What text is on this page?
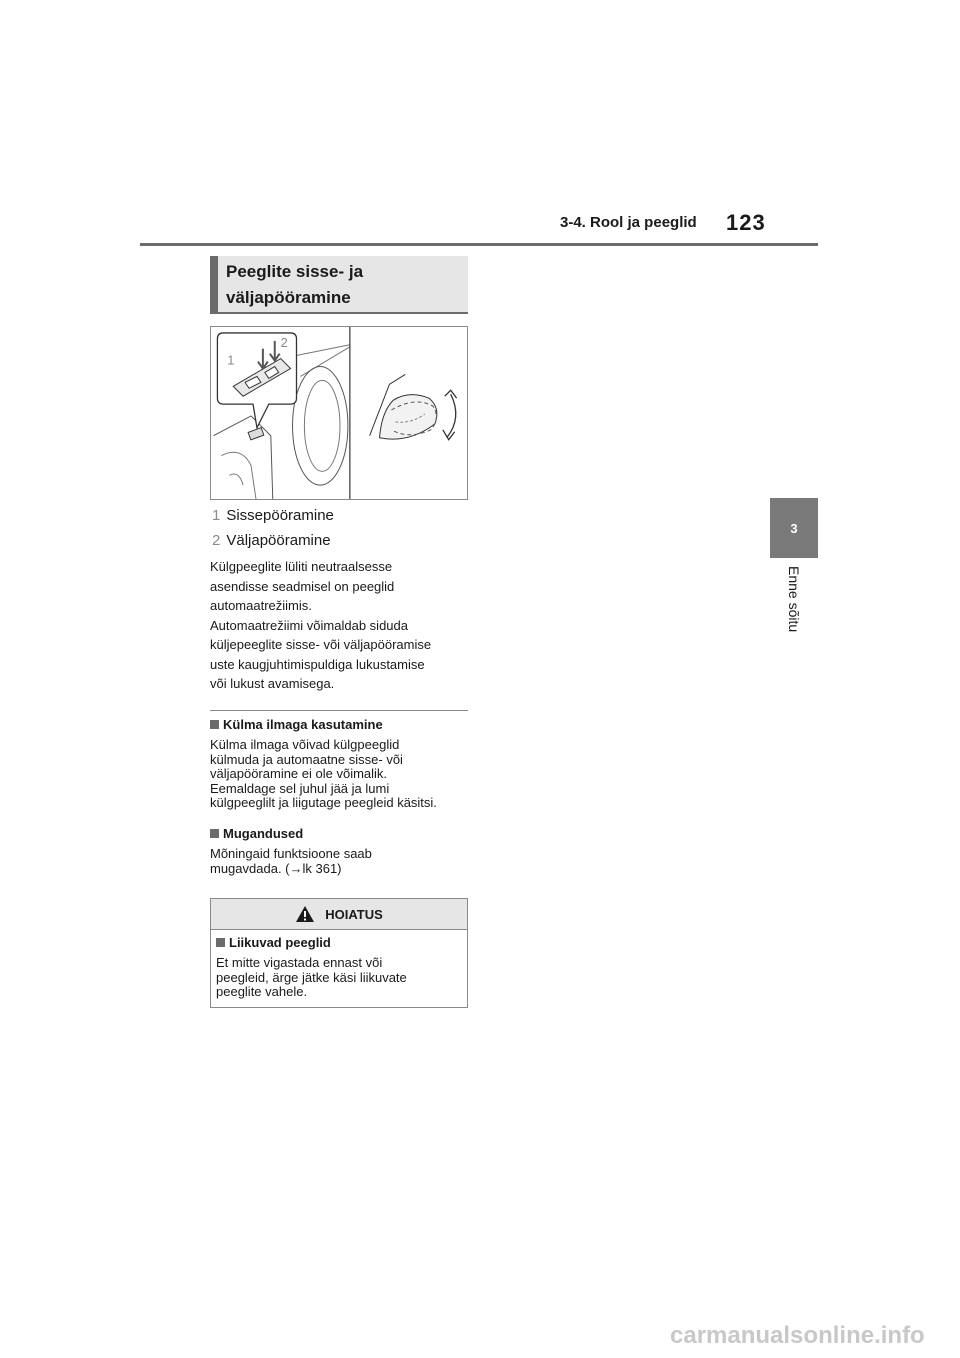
3-4. Rool ja peeglid 123
3
Enne sõitu
Peeglite sisse- ja
väljapööramine
1
2
1 Sissepööramine
2 Väljapööramine
Külgpeeglite lüliti neutraalsesse
asendisse seadmisel on peeglid
automaatrežiimis.
Automaatrežiimi võimaldab siduda
küljepeeglite sisse- või väljapööramise
uste kaugjuhtimispuldiga lukustamise
või lukust avamisega.
Külma ilmaga kasutamine
Külma ilmaga võivad külgpeeglid
külmuda ja automaatne sisse- või
väljapööramine ei ole võimalik.
Eemaldage sel juhul jää ja lumi
külgpeeglilt ja liigutage peegleid käsitsi.
Mugandused
Mõningaid funktsioone saab
mugavdada. (→lk 361)
HOIATUS
Liikuvad peeglid
Et mitte vigastada ennast või
peegleid, ärge jätke käsi liikuvate
peeglite vahele.
carmanualsonline.info
